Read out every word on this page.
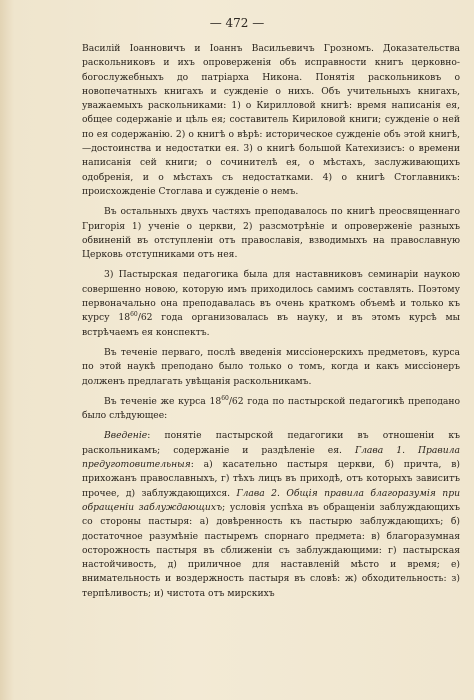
— 472 —

Василій Іоанновичъ и Іоаннъ Васильевичъ Грозномъ. Доказательства раскольниковъ и ихъ опроверженія объ исправности книгъ церковно-богослужебныхъ до патріарха Никона. Понятія раскольниковъ о новопечатныхъ книгахъ и сужденіе о нихъ. Объ учительныхъ книгахъ, уважаемыхъ раскольниками: 1) о Кирилловой книгѣ: время написанія ея, общее содержаніе и цѣль ея; составитель Кириловой книги; сужденіе о ней по ея содержанію. 2) о книгѣ о вѣрѣ: историческое сужденіе объ этой книгѣ,—достоинства и недостатки ея. 3) о книгѣ большой Катехизисъ: о времени написанія сей книги; о сочинителѣ ея, о мѣстахъ, заслуживающихъ одобренія, и о мѣстахъ съ недостатками. 4) о книгѣ Стоглавникъ: происхожденіе Стоглава и сужденіе о немъ.

Въ остальныхъ двухъ частяхъ преподавалось по книгѣ преосвященнаго Григорія 1) ученіе о церкви, 2) разсмотрѣніе и опроверженіе разныхъ обвиненій въ отступленіи отъ православія, взводимыхъ на православную Церковь отступниками отъ нея.

3) Пастырская педагогика была для наставниковъ семинаріи наукою совершенно новою, которую имъ приходилось самимъ составлять. Поэтому первоначально она преподавалась въ очень краткомъ объемѣ и только къ курсу $18^{60}/62$ года организовалась въ науку, и въ этомъ курсѣ мы встрѣчаемъ ея конспектъ.

Въ теченіе перваго, послѣ введенія миссіонерскихъ предметовъ, курса по этой наукѣ преподано было только о томъ, когда и какъ миссіонеръ долженъ предлагать увѣщанія раскольникамъ.

Въ теченіе же курса $18^{60}/62$ года по пастырской педагогикѣ преподано было слѣдующее:

Введеніе: понятіе пастырской педагогики въ отношеніи къ раскольникамъ; содержаніе и раздѣленіе ея. Глава 1. Правила предуготовительныя: а) касательно пастыря церкви, б) причта, в) прихожанъ православныхъ, г) тѣхъ лицъ въ приходѣ, отъ которыхъ зависитъ прочее, д) заблуждающихся. Глава 2. Общія правила благоразумія при обращеніи заблуждающихъ; условія успѣха въ обращеніи заблуждающихъ со стороны пастыря: а) довѣренность къ пастырю заблуждающихъ; б) достаточное разумѣніе пастыремъ спорнаго предмета: в) благоразумная осторожность пастыря въ сближеніи съ заблуждающими: г) пастырская настойчивость, д) приличное для наставленій мѣсто и время; е) внимательность и воздержность пастыря въ словѣ: ж) обходительность: з) терпѣливость; и) чистота отъ мирскихъ
